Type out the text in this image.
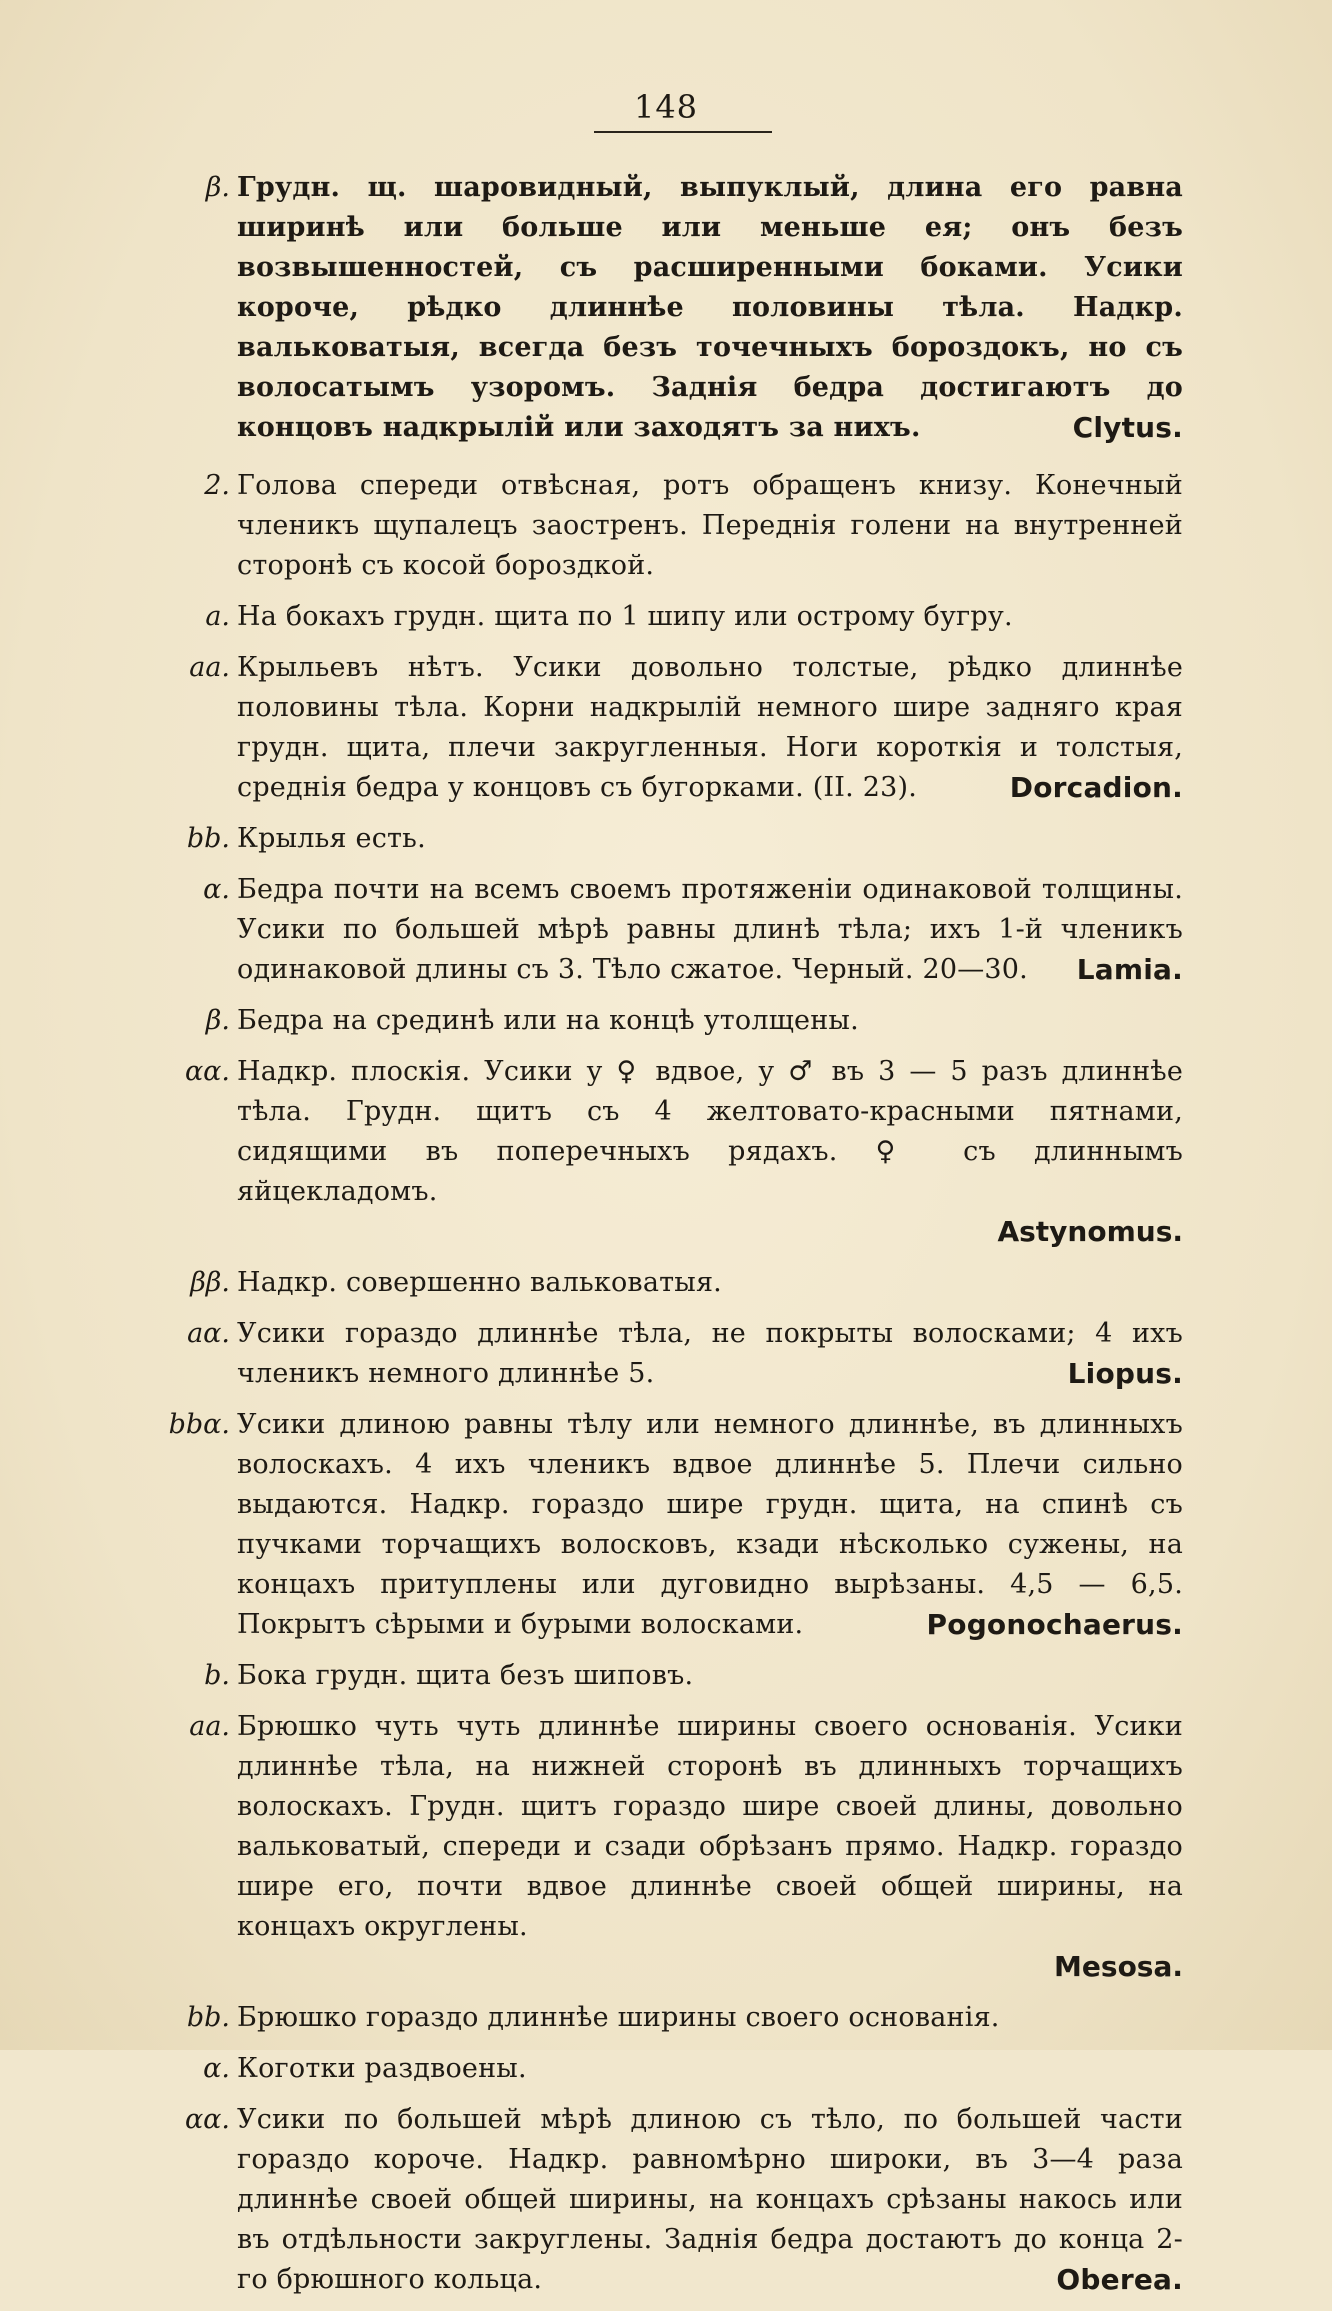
148
β. Грудн. щ. шаровидный, выпуклый, длина его равна ширинѣ или больше или меньше ея; онъ безъ возвышенностей, съ расширенными боками. Усики короче, рѣдко длиннѣе половины тѣла. Надкр. вальковатыя, всегда безъ точечныхъ бороздокъ, но съ волосатымъ узоромъ. Заднія бедра достигаютъ до концовъ надкрылій или заходятъ за нихъ.	Clytus.
2. Голова спереди отвѣсная, ротъ обращенъ книзу. Конечный членикъ щупалецъ заостренъ. Переднія голени на внутренней сторонѣ съ косой бороздкой.
a. На бокахъ грудн. щита по 1 шипу или острому бугру.
aa. Крыльевъ нѣтъ. Усики довольно толстые, рѣдко длиннѣе половины тѣла. Корни надкрылій немного шире задняго края грудн. щита, плечи закругленныя. Ноги короткія и толстыя, среднія бедра у концовъ съ бугорками. (II. 23).	Dorcadion.
bb. Крылья есть.
α. Бедра почти на всемъ своемъ протяженіи одинаковой толщины. Усики по большей мѣрѣ равны длинѣ тѣла; ихъ 1-й членикъ одинаковой длины съ 3. Тѣло сжатое. Черный. 20—30. Lamia.
β. Бедра на срединѣ или на концѣ утолщены.
αα. Надкр. плоскія. Усики у ♀ вдвое, у ♂ въ 3 — 5 разъ длиннѣе тѣла. Грудн. щитъ съ 4 желтовато-красными пятнами, сидящими въ поперечныхъ рядахъ. ♀ съ длиннымъ яйцекладомъ.
Astynomus.
ββ. Надкр. совершенно вальковатыя.
aα. Усики гораздо длиннѣе тѣла, не покрыты волосками; 4 ихъ членикъ немного длиннѣе 5.	Liopus.
bbα. Усики длиною равны тѣлу или немного длиннѣе, въ длинныхъ волоскахъ. 4 ихъ членикъ вдвое длиннѣе 5. Плечи сильно выдаются. Надкр. гораздо шире грудн. щита, на спинѣ съ пучками торчащихъ волосковъ, кзади нѣсколько сужены, на концахъ притуплены или дуговидно вырѣзаны. 4,5 — 6,5. Покрытъ сѣрыми и бурыми волосками.	Pogonochaerus.
b. Бока грудн. щита безъ шиповъ.
aa. Брюшко чуть чуть длиннѣе ширины своего основанія. Усики длиннѣе тѣла, на нижней сторонѣ въ длинныхъ торчащихъ волоскахъ. Грудн. щитъ гораздо шире своей длины, довольно вальковатый, спереди и сзади обрѣзанъ прямо. Надкр. гораздо шире его, почти вдвое длиннѣе своей общей ширины, на концахъ округлены.
Mesosa.
bb. Брюшко гораздо длиннѣе ширины своего основанія.
α. Коготки раздвоены.
αα. Усики по большей мѣрѣ длиною съ тѣло, по большей части гораздо короче. Надкр. равномѣрно широки, въ 3—4 раза длиннѣе своей общей ширины, на концахъ срѣзаны накось или въ отдѣльности закруглены. Заднія бедра достаютъ до конца 2-го брюшного кольца.	Oberea.
